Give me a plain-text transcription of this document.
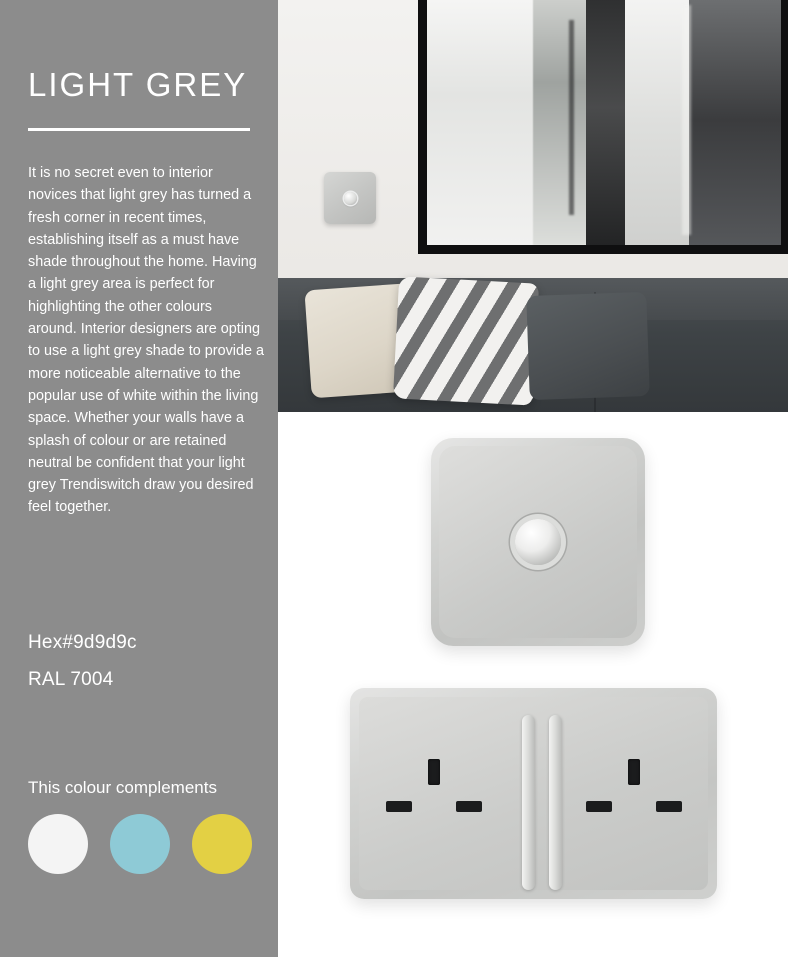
LIGHT GREY
It is no secret even to interior novices that light grey has turned a fresh corner in recent times, establishing itself as a must have shade throughout the home. Having a light grey area is perfect for highlighting the other colours around. Interior designers are opting to use a light grey shade to provide a more noticeable alternative to the popular use of white within the living space. Whether your walls have a splash of colour or are retained neutral be confident that your light grey Trendiswitch draw you desired feel together.
Hex#9d9d9c
RAL 7004
This colour complements
